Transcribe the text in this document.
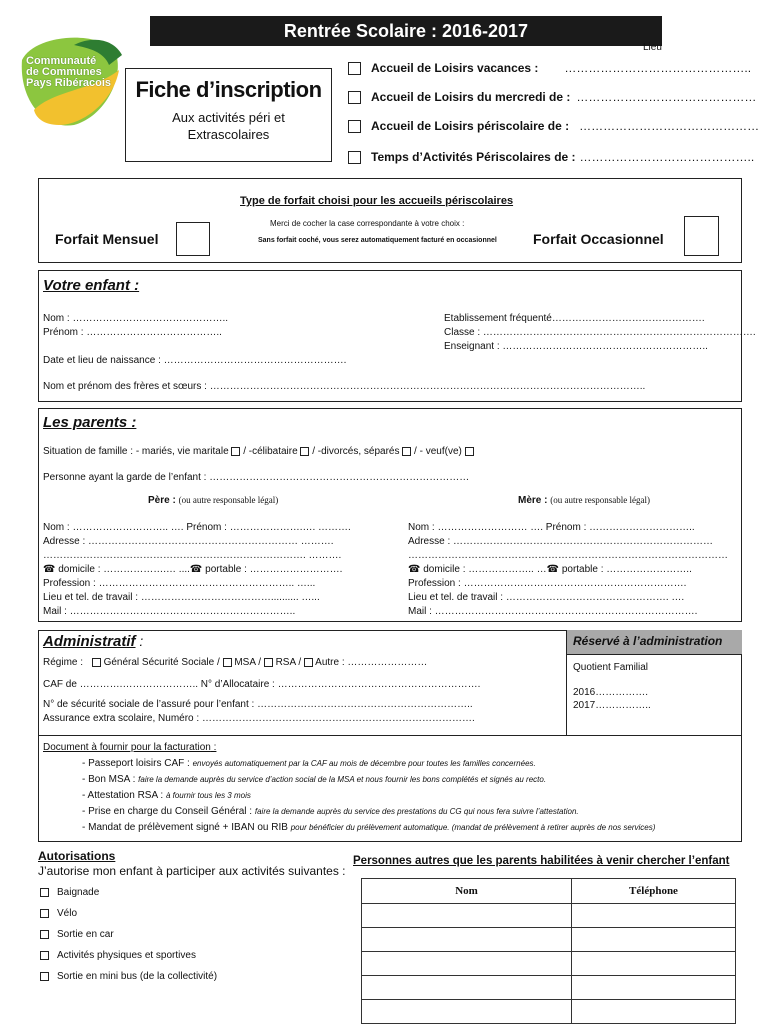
Communauté
de Communes
Pays Ribéracois
Rentrée Scolaire : 2016-2017
Lieu
Fiche d’inscription
Aux activités péri et
Extrascolaires
Accueil de Loisirs vacances : ………………………………………..
Accueil de Loisirs du mercredi de : ………………………………………
Accueil de Loisirs périscolaire de : ………………………………………
Temps d’Activités Périscolaires de : ……………………………………..
Type de forfait choisi pour les accueils périscolaires
Merci de cocher la case correspondante à votre choix :
Sans forfait coché, vous serez automatiquement facturé en occasionnel
Forfait Mensuel	Forfait Occasionnel
Votre enfant :
Nom : ………………………………………..
Prénom : …………………………………..
Etablissement fréquenté……………………………………….
Classe : ……………………………………………………………………….
Enseignant : ……………………………………………………..
Date et lieu de naissance : ……………………………………………….
Nom et prénom des frères et sœurs : …………………………………………………………………………………………………………………..
Les parents :
Situation de famille : - mariés, vie maritale / -célibataire / -divorcés, séparés / - veuf(ve)
Personne ayant la garde de l’enfant : ……………………………………………………………………
Père : (ou autre responsable légal)	Mère : (ou autre responsable légal)
Nom : ……………………….. …. Prénom : ………………….…. ……….
Adresse : ……………………………………………………… ……….
……………………………………………………………………. ……….
☎ domicile : ……………….… ....☎ portable : ……………………….
Profession : ………………………………………………….. …...
Lieu et tel. de travail : ………………………………….......... …...
Mail : …………………………………………………………..
Nom : ……………………… …. Prénom : …………………………..
Adresse : ……………………………………………………………………
……………………………………………………………………………………
☎ domicile : ……………….. …☎ portable : ……………………..
Profession : ………………………………………………………….
Lieu et tel. de travail : …………………………………………. ….
Mail : …………………………………………………………………….
Administratif :
Régime : Général Sécurité Sociale / MSA / RSA / Autre : ……………………
CAF de ………….………………….. N° d’Allocataire : …………………………………………………….
N° de sécurité sociale de l’assuré pour l’enfant : ………………………………………………………..
Assurance extra scolaire, Numéro : ……………………………………………………………………….
Réservé à l’administration
Quotient Familial
2016…………….
2017……………..
Document à fournir pour la facturation :
- Passeport loisirs CAF : envoyés automatiquement par la CAF au mois de décembre pour toutes les familles concernées.
- Bon MSA : faire la demande auprès du service d’action social de la MSA et nous fournir les bons complétés et signés au recto.
- Attestation RSA : à fournir tous les 3 mois
- Prise en charge du Conseil Général : faire la demande auprès du service des prestations du CG qui nous fera suivre l’attestation.
- Mandat de prélèvement signé + IBAN ou RIB pour bénéficier du prélèvement automatique. (mandat de prélèvement à retirer auprès de nos services)
Autorisations
J’autorise mon enfant à participer aux activités suivantes :
Baignade
Vélo
Sortie en car
Activités physiques et sportives
Sortie en mini bus (de la collectivité)
Personnes autres que les parents habilitées à venir chercher l’enfant
Nom	Téléphone
